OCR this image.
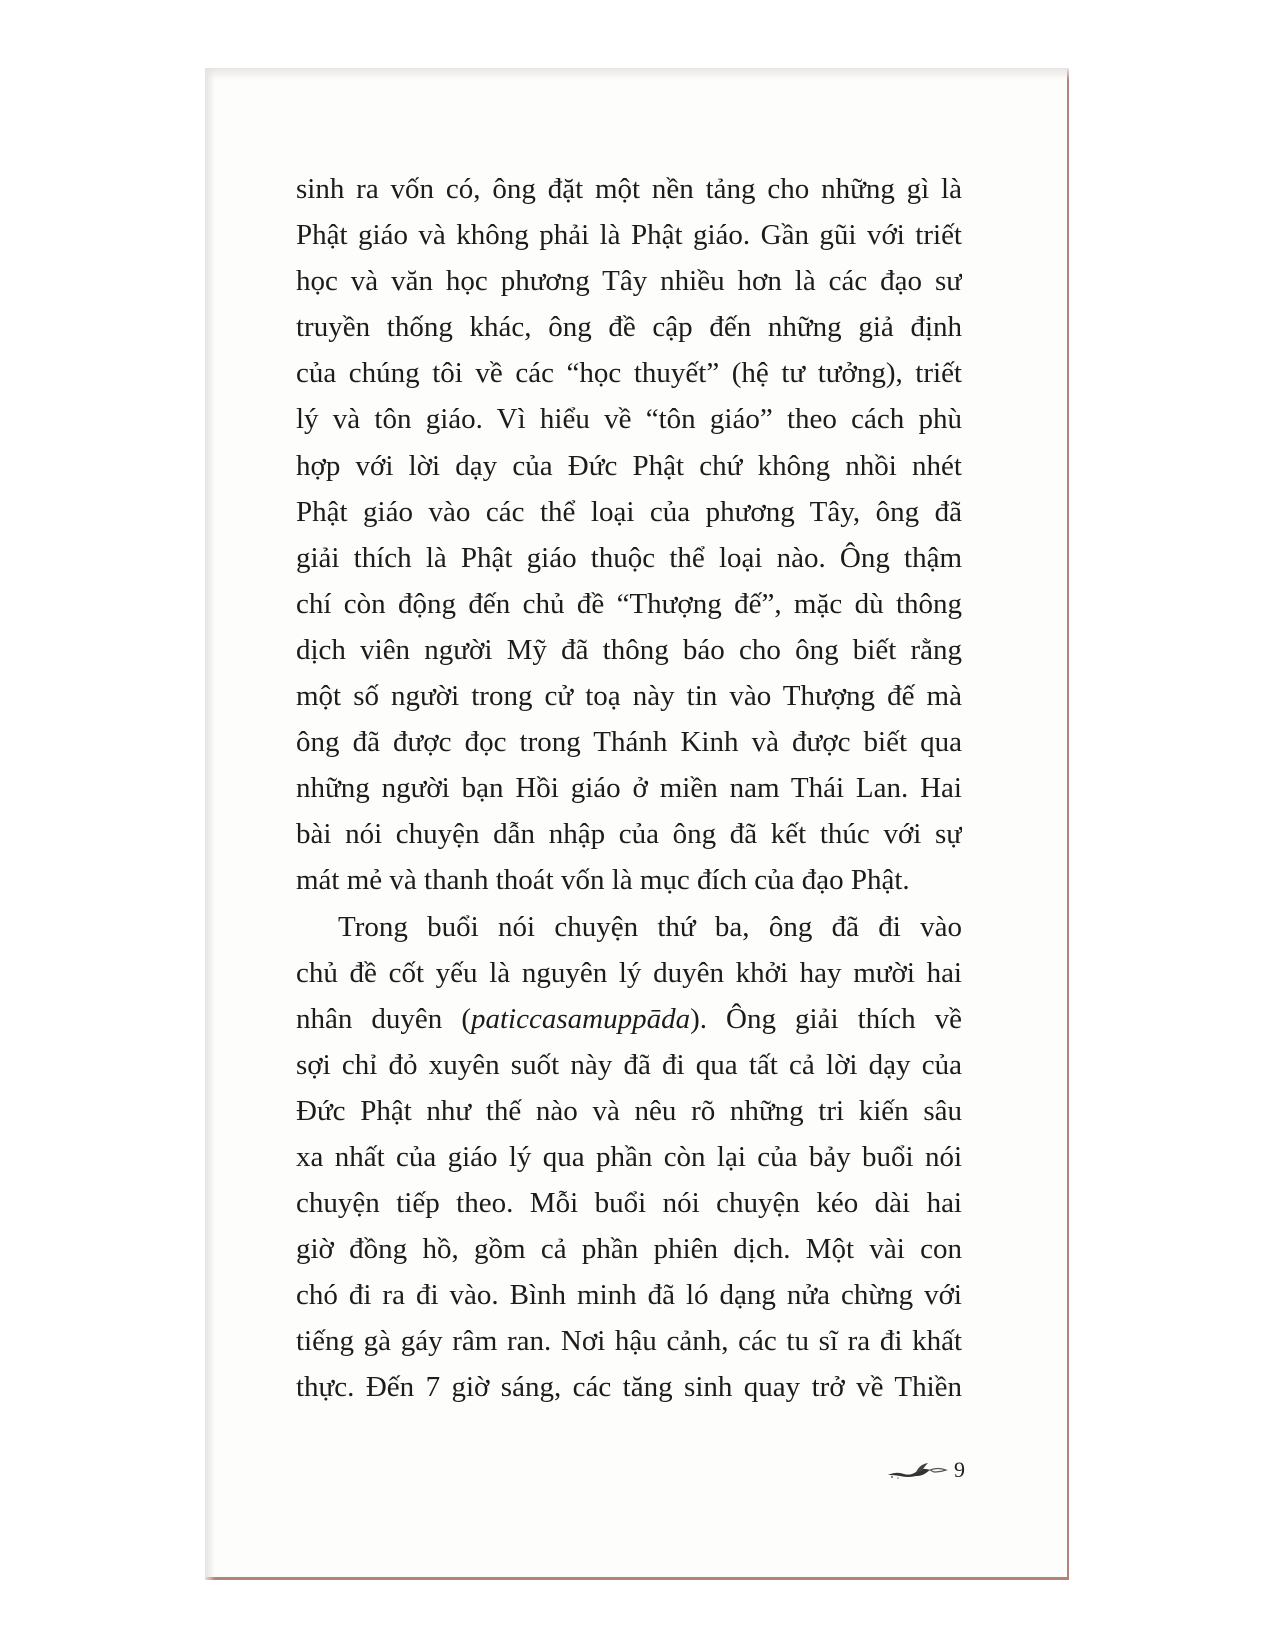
sinh ra vốn có, ông đặt một nền tảng cho những gì là
Phật giáo và không phải là Phật giáo. Gần gũi với triết
học và văn học phương Tây nhiều hơn là các đạo sư
truyền thống khác, ông đề cập đến những giả định
của chúng tôi về các “học thuyết” (hệ tư tưởng), triết
lý và tôn giáo. Vì hiểu về “tôn giáo” theo cách phù
hợp với lời dạy của Đức Phật chứ không nhồi nhét
Phật giáo vào các thể loại của phương Tây, ông đã
giải thích là Phật giáo thuộc thể loại nào. Ông thậm
chí còn động đến chủ đề “Thượng đế”, mặc dù thông
dịch viên người Mỹ đã thông báo cho ông biết rằng
một số người trong cử toạ này tin vào Thượng đế mà
ông đã được đọc trong Thánh Kinh và được biết qua
những người bạn Hồi giáo ở miền nam Thái Lan. Hai
bài nói chuyện dẫn nhập của ông đã kết thúc với sự
mát mẻ và thanh thoát vốn là mục đích của đạo Phật.
Trong buổi nói chuyện thứ ba, ông đã đi vào
chủ đề cốt yếu là nguyên lý duyên khởi hay mười hai
nhân duyên (paticcasamuppāda). Ông giải thích về
sợi chỉ đỏ xuyên suốt này đã đi qua tất cả lời dạy của
Đức Phật như thế nào và nêu rõ những tri kiến sâu
xa nhất của giáo lý qua phần còn lại của bảy buổi nói
chuyện tiếp theo. Mỗi buổi nói chuyện kéo dài hai
giờ đồng hồ, gồm cả phần phiên dịch. Một vài con
chó đi ra đi vào. Bình minh đã ló dạng nửa chừng với
tiếng gà gáy râm ran. Nơi hậu cảnh, các tu sĩ ra đi khất
thực. Đến 7 giờ sáng, các tăng sinh quay trở về Thiền
9
